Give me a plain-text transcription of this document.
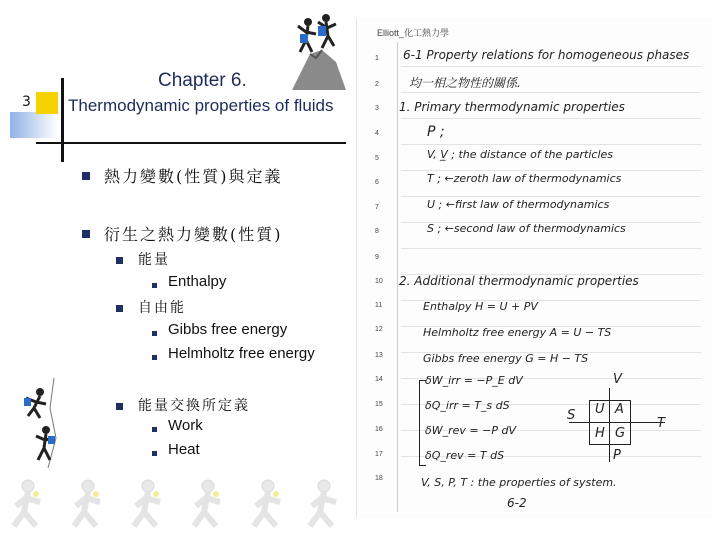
3
Chapter 6.
Thermodynamic properties of fluids
熱力變數(性質)與定義
衍生之熱力變數(性質)
能量
Enthalpy
自由能
Gibbs free energy
Helmholtz free energy
能量交換所定義
Work
Heat
Elliott_化工熱力學
1
2
3
4
5
6
7
8
9
10
11
12
13
14
15
16
17
18
6-1 Property relations for homogeneous phases
均一相之物性的關係.
1. Primary thermodynamic properties
P ;
V, V̲ ; the distance of the particles
T ; ←zeroth law of thermodynamics
U ; ←first law of thermodynamics
S ; ←second law of thermodynamics
2. Additional thermodynamic properties
Enthalpy H = U + PV
Helmholtz free energy A = U − TS
Gibbs free energy G = H − TS
δW_irr = −P_E dV
δQ_irr = T_s dS
δW_rev = −P dV
δQ_rev = T dS
V
S U A
T
H G
P
V, S, P, T : the properties of system.
6-2
